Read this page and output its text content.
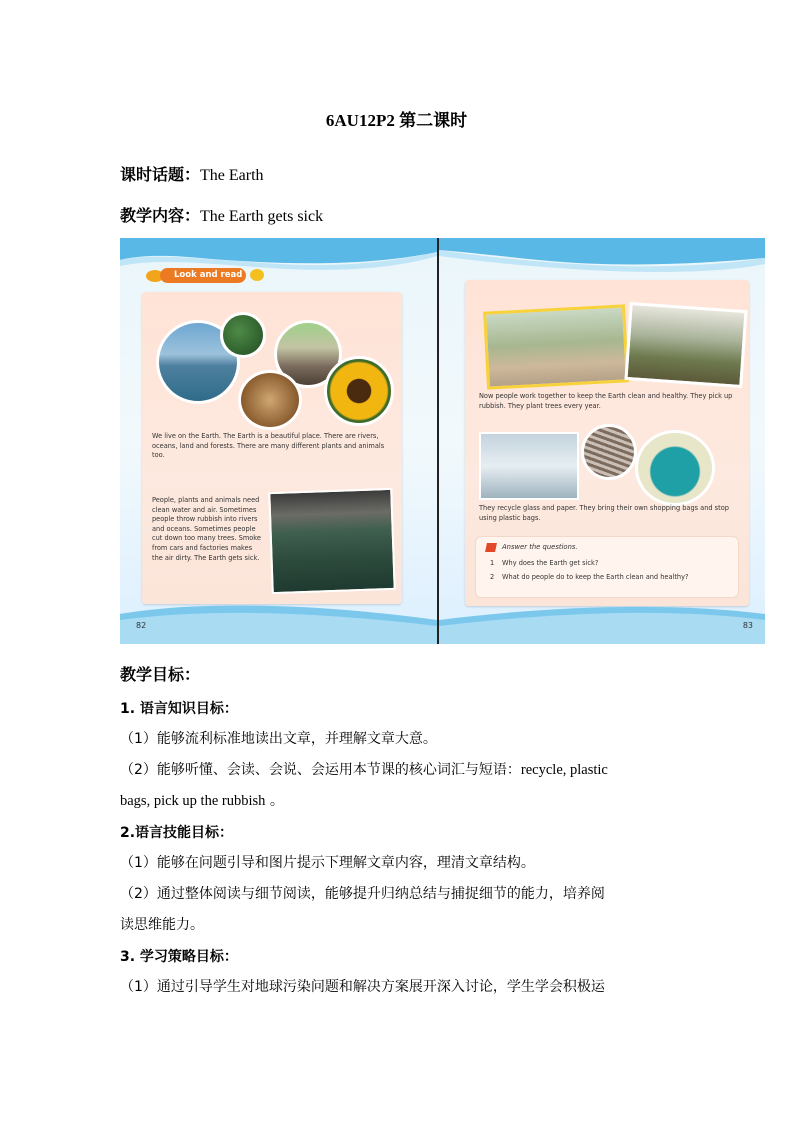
6AU12P2 第二课时
课时话题：The Earth
教学内容：The Earth gets sick
Look and read
We live on the Earth. The Earth is a beautiful place. There are rivers, oceans, land and forests. There are many different plants and animals too.
People, plants and animals need clean water and air. Sometimes people throw rubbish into rivers and oceans. Sometimes people cut down too many trees. Smoke from cars and factories makes the air dirty. The Earth gets sick.
82
Now people work together to keep the Earth clean and healthy. They pick up rubbish. They plant trees every year.
They recycle glass and paper. They bring their own shopping bags and stop using plastic bags.
Answer the questions.
1 Why does the Earth get sick?
2 What do people do to keep the Earth clean and healthy?
83
教学目标：
1. 语言知识目标：
（1）能够流利标准地读出文章，并理解文章大意。
（2）能够听懂、会读、会说、会运用本节课的核心词汇与短语：recycle, plastic
bags, pick up the rubbish 。
2.语言技能目标：
（1）能够在问题引导和图片提示下理解文章内容，理清文章结构。
（2）通过整体阅读与细节阅读，能够提升归纳总结与捕捉细节的能力，培养阅
读思维能力。
3. 学习策略目标：
（1）通过引导学生对地球污染问题和解决方案展开深入讨论，学生学会积极运
